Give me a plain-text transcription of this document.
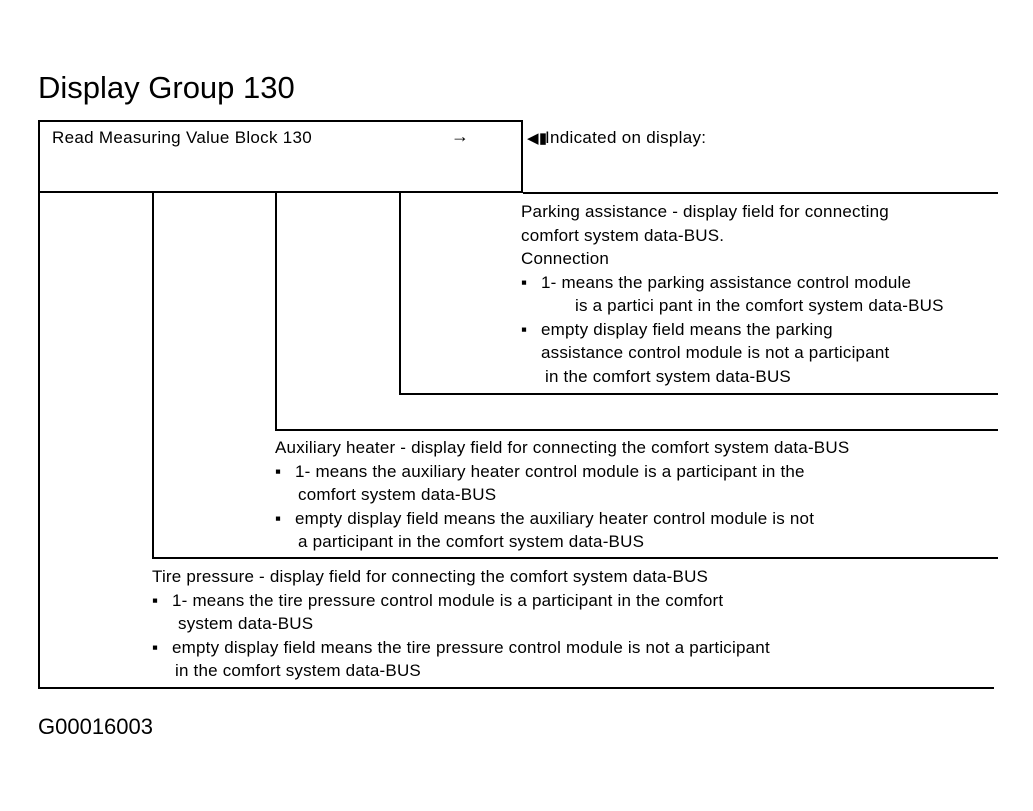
Display Group 130
Read Measuring Value Block 130	→	◀▮Indicated on display:
Parking assistance - display field for connecting
comfort system data-BUS.
Connection
▪ 1- means the parking assistance control module
is a partici pant in the comfort system data-BUS
▪ empty display field means the parking
assistance control module is not a participant
in the comfort system data-BUS
Auxiliary heater - display field for connecting the comfort system data-BUS
▪ 1- means the auxiliary heater control module is a participant in the
comfort system data-BUS
▪ empty display field means the auxiliary heater control module is not
a participant in the comfort system data-BUS
Tire pressure - display field for connecting the comfort system data-BUS
▪ 1- means the tire pressure control module is a participant in the comfort
system data-BUS
▪ empty display field means the tire pressure control module is not a participant
in the comfort system data-BUS
G00016003
